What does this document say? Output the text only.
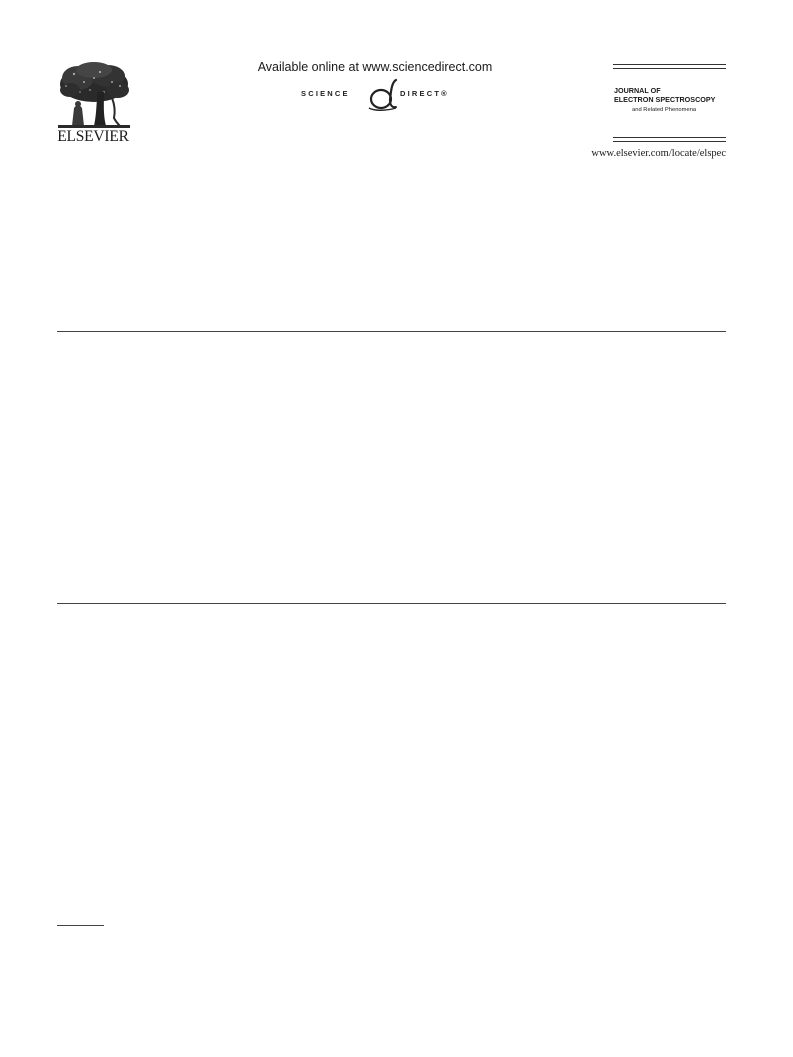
ELSEVIER
Available online at www.sciencedirect.com
SCIENCE	DIRECT®	JOURNAL OF
ELECTRON SPECTROSCOPY
and Related Phenomena
www.elsevier.com/locate/elspec
